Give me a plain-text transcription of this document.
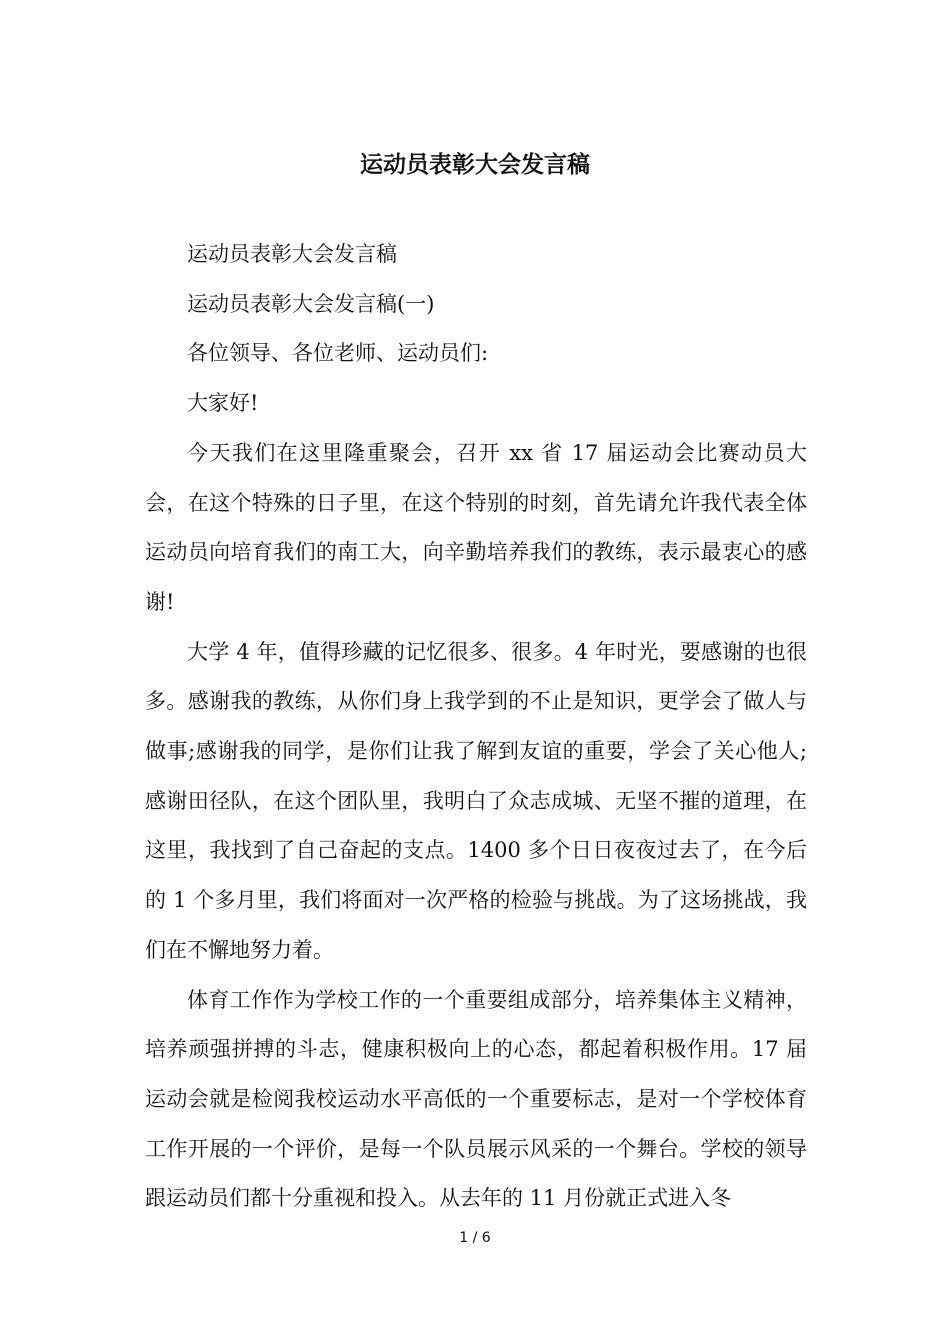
运动员表彰大会发言稿

运动员表彰大会发言稿

运动员表彰大会发言稿(一)

各位领导、各位老师、运动员们:

大家好!

今天我们在这里隆重聚会，召开 xx 省 17 届运动会比赛动员大会，在这个特殊的日子里，在这个特别的时刻，首先请允许我代表全体运动员向培育我们的南工大，向辛勤培养我们的教练，表示最衷心的感谢!

大学 4 年，值得珍藏的记忆很多、很多。4 年时光，要感谢的也很多。感谢我的教练，从你们身上我学到的不止是知识，更学会了做人与做事;感谢我的同学，是你们让我了解到友谊的重要，学会了关心他人;感谢田径队，在这个团队里，我明白了众志成城、无坚不摧的道理，在这里，我找到了自己奋起的支点。1400 多个日日夜夜过去了，在今后的 1 个多月里，我们将面对一次严格的检验与挑战。为了这场挑战，我们在不懈地努力着。

体育工作作为学校工作的一个重要组成部分，培养集体主义精神，培养顽强拼搏的斗志，健康积极向上的心态，都起着积极作用。17 届运动会就是检阅我校运动水平高低的一个重要标志，是对一个学校体育工作开展的一个评价，是每一个队员展示风采的一个舞台。学校的领导跟运动员们都十分重视和投入。从去年的 11 月份就正式进入冬

1 / 6
